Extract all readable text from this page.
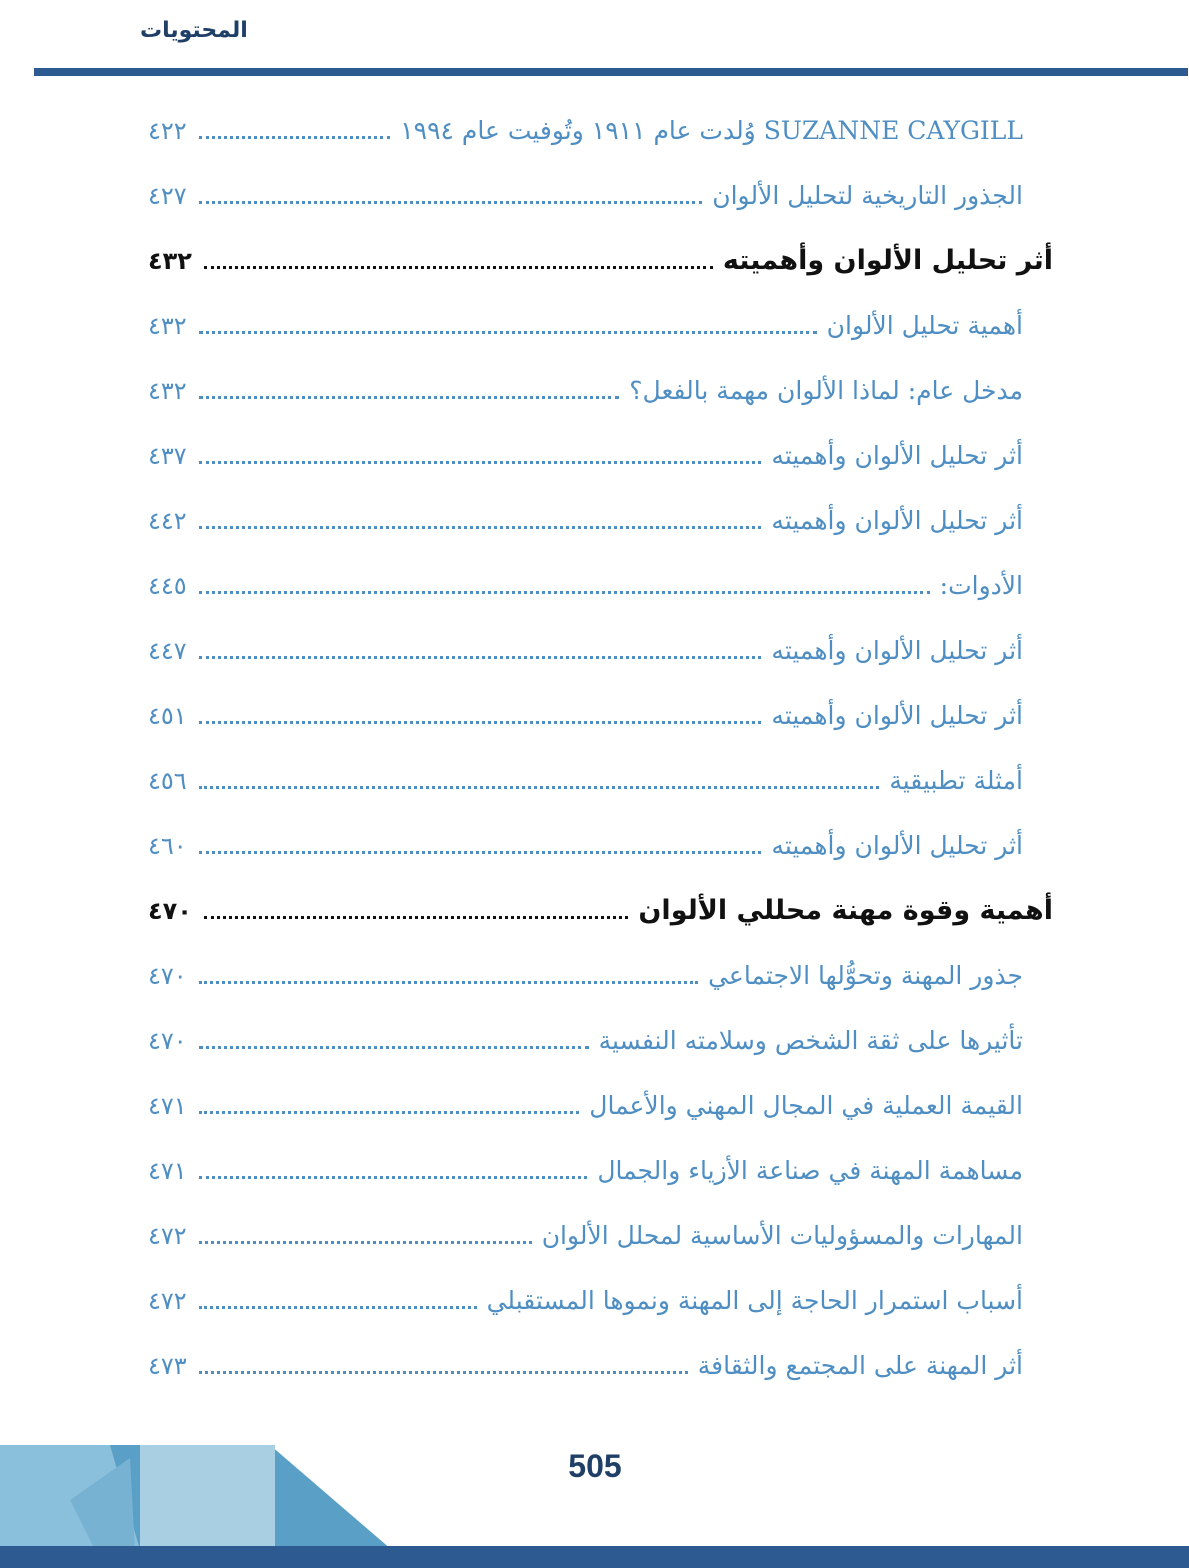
المحتويات
٤٢٢	SUZANNE CAYGILL وُلدت عام ١٩١١ وتُوفيت عام ١٩٩٤
٤٢٧	الجذور التاريخية لتحليل الألوان
٤٣٢	أثر تحليل الألوان وأهميته
٤٣٢	أهمية تحليل الألوان
٤٣٢	مدخل عام: لماذا الألوان مهمة بالفعل؟
٤٣٧	أثر تحليل الألوان وأهميته
٤٤٢	أثر تحليل الألوان وأهميته
٤٤٥	الأدوات:
٤٤٧	أثر تحليل الألوان وأهميته
٤٥١	أثر تحليل الألوان وأهميته
٤٥٦	أمثلة تطبيقية
٤٦٠	أثر تحليل الألوان وأهميته
٤٧٠	أهمية وقوة مهنة محللي الألوان
٤٧٠	جذور المهنة وتحوُّلها الاجتماعي
٤٧٠	تأثيرها على ثقة الشخص وسلامته النفسية
٤٧١	القيمة العملية في المجال المهني والأعمال
٤٧١	مساهمة المهنة في صناعة الأزياء والجمال
٤٧٢	المهارات والمسؤوليات الأساسية لمحلل الألوان
٤٧٢	أسباب استمرار الحاجة إلى المهنة ونموها المستقبلي
٤٧٣	أثر المهنة على المجتمع والثقافة
505
